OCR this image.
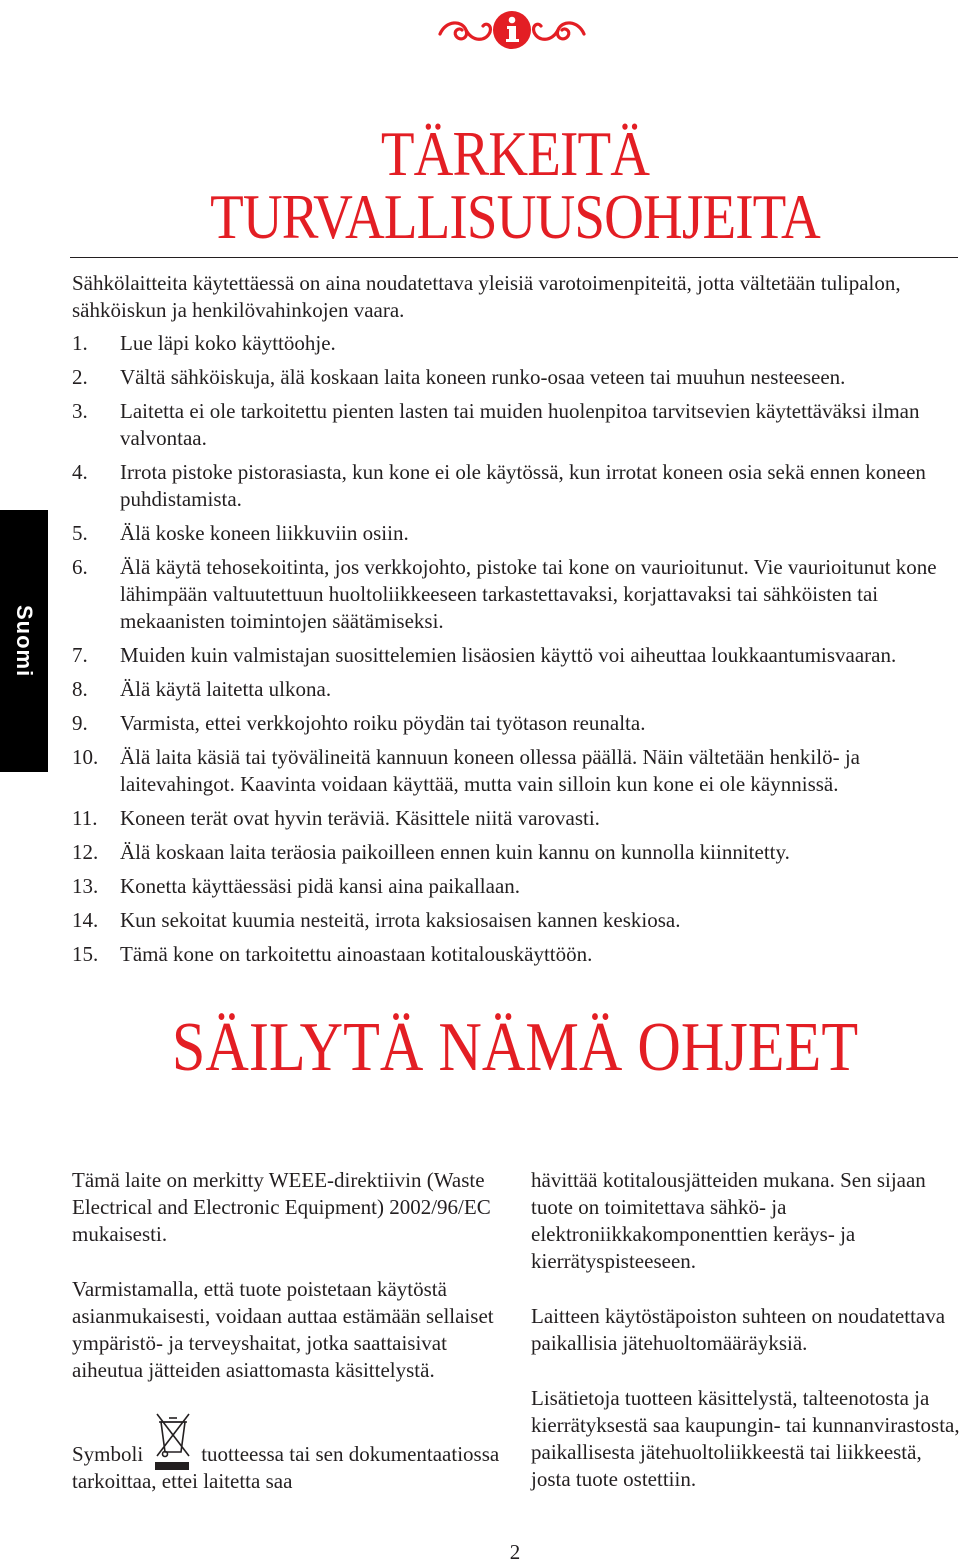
TÄRKEITÄ
TURVALLISUUSOHJEITA

Sähkölaitteita käytettäessä on aina noudatettava yleisiä varotoimenpiteitä, jotta vältetään tulipalon, sähköiskun ja henkilövahinkojen vaara.

1.	Lue läpi koko käyttöohje.
2.	Vältä sähköiskuja, älä koskaan laita koneen runko-osaa veteen tai muuhun nesteeseen.
3.	Laitetta ei ole tarkoitettu pienten lasten tai muiden huolenpitoa tarvitsevien käytettäväksi ilman valvontaa.
4.	Irrota pistoke pistorasiasta, kun kone ei ole käytössä, kun irrotat koneen osia sekä ennen koneen puhdistamista.
5.	Älä koske koneen liikkuviin osiin.
6.	Älä käytä tehosekoitinta, jos verkkojohto, pistoke tai kone on vaurioitunut. Vie vaurioitunut kone lähimpään valtuutettuun huoltoliikkeeseen tarkastettavaksi, korjattavaksi tai sähköisten tai mekaanisten toimintojen säätämiseksi.
7.	Muiden kuin valmistajan suosittelemien lisäosien käyttö voi aiheuttaa loukkaantumisvaaran.
8.	Älä käytä laitetta ulkona.
9.	Varmista, ettei verkkojohto roiku pöydän tai työtason reunalta.
10.	Älä laita käsiä tai työvälineitä kannuun koneen ollessa päällä. Näin vältetään henkilö- ja laitevahingot. Kaavinta voidaan käyttää, mutta vain silloin kun kone ei ole käynnissä.
11.	Koneen terät ovat hyvin teräviä. Käsittele niitä varovasti.
12.	Älä koskaan laita teräosia paikoilleen ennen kuin kannu on kunnolla kiinnitetty.
13.	Konetta käyttäessäsi pidä kansi aina paikallaan.
14.	Kun sekoitat kuumia nesteitä, irrota kaksiosaisen kannen keskiosa.
15.	Tämä kone on tarkoitettu ainoastaan kotitalouskäyttöön.
SÄILYTÄ NÄMÄ OHJEET
Suomi

Tämä laite on merkitty WEEE-direktiivin (Waste Electrical and Electronic Equipment) 2002/96/EC mukaisesti.

Varmistamalla, että tuote poistetaan käytöstä asianmukaisesti, voidaan auttaa estämään sellaiset ympäristö- ja terveyshaitat, jotka saattaisivat aiheutua jätteiden asiattomasta käsittelystä.

Symboli	tuotteessa tai sen dokumentaatiossa tarkoittaa, ettei laitetta saa

hävittää kotitalousjätteiden mukana. Sen sijaan tuote on toimitettava sähkö- ja elektroniikkakomponenttien keräys- ja kierrätyspisteeseen.

Laitteen käytöstäpoiston suhteen on noudatettava paikallisia jätehuoltomääräyksiä.

Lisätietoja tuotteen käsittelystä, talteenotosta ja kierrätyksestä saa kaupungin- tai kunnanvirastosta, paikallisesta jätehuoltoliikkeestä tai liikkeestä, josta tuote ostettiin.

2
